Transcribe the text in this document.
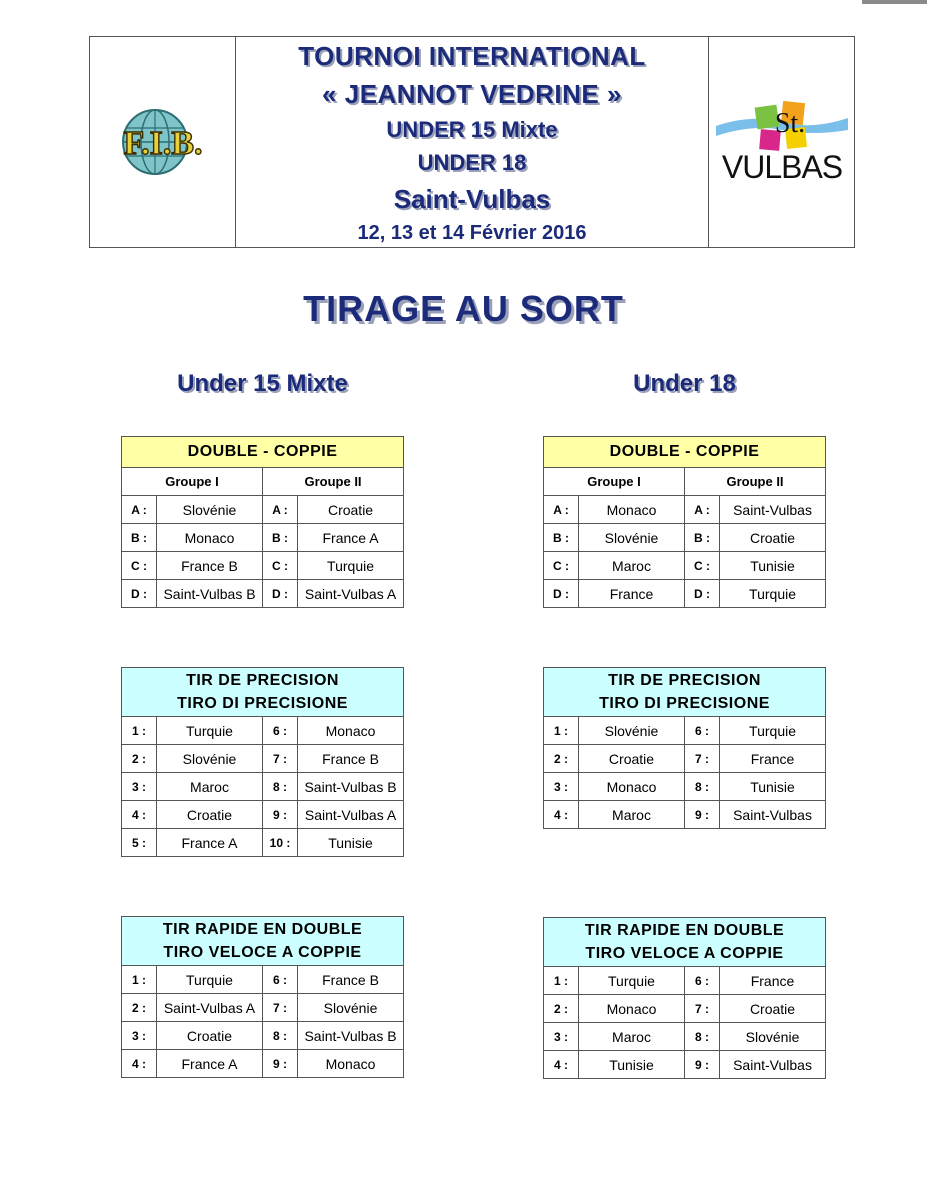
F.I.B.
TOURNOI INTERNATIONAL
« JEANNOT VEDRINE »
UNDER 15 Mixte
UNDER 18
Saint-Vulbas
12, 13 et 14 Février 2016
St.
VULBAS
TIRAGE AU SORT
Under 15 Mixte	Under 18
DOUBLE - COPPIE			
Groupe I		Groupe II	
A :	Slovénie	A :	Croatie
B :	Monaco	B :	France A
C :	France B	C :	Turquie
D :	Saint-Vulbas B	D :	Saint-Vulbas A
DOUBLE - COPPIE			
Groupe I		Groupe II	
A :	Monaco	A :	Saint-Vulbas
B :	Slovénie	B :	Croatie
C :	Maroc	C :	Tunisie
D :	France	D :	Turquie
TIR DE PRECISION
TIRO DI PRECISIONE			

1 :	Turquie	6 :	Monaco
2 :	Slovénie	7 :	France B
3 :	Maroc	8 :	Saint-Vulbas B
4 :	Croatie	9 :	Saint-Vulbas A
5 :	France A	10 :	Tunisie
TIR DE PRECISION
TIRO DI PRECISIONE			

1 :	Slovénie	6 :	Turquie
2 :	Croatie	7 :	France
3 :	Monaco	8 :	Tunisie
4 :	Maroc	9 :	Saint-Vulbas
TIR RAPIDE EN DOUBLE
TIRO VELOCE A COPPIE			

1 :	Turquie	6 :	France B
2 :	Saint-Vulbas A	7 :	Slovénie
3 :	Croatie	8 :	Saint-Vulbas B
4 :	France A	9 :	Monaco
TIR RAPIDE EN DOUBLE
TIRO VELOCE A COPPIE			

1 :	Turquie	6 :	France
2 :	Monaco	7 :	Croatie
3 :	Maroc	8 :	Slovénie
4 :	Tunisie	9 :	Saint-Vulbas
